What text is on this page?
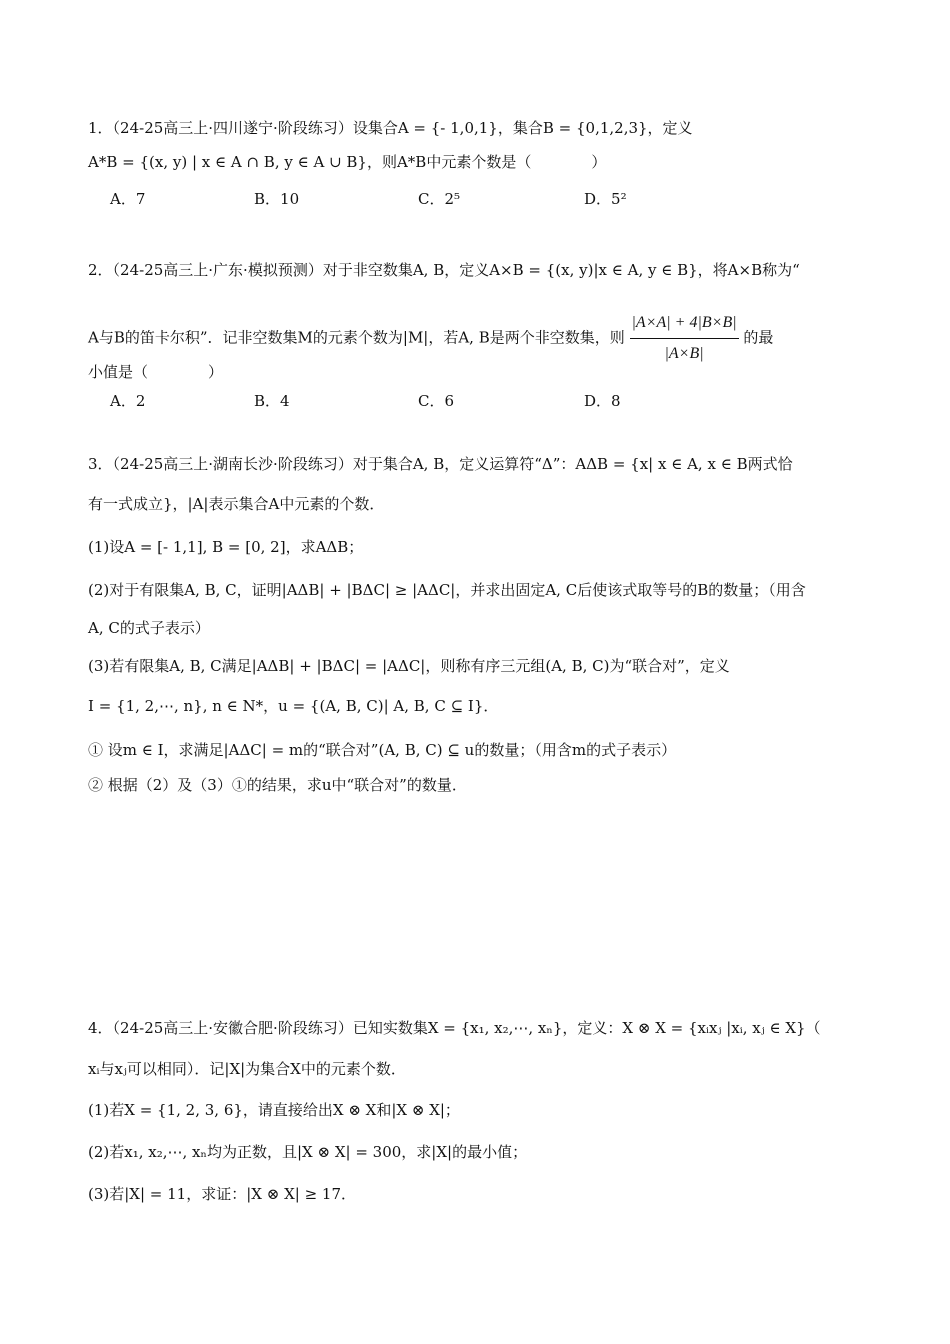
1．（24-25高三上·四川遂宁·阶段练习）设集合A = {- 1,0,1}，集合B = {0,1,2,3}，定义
A*B = {(x, y) | x ∈ A ∩ B, y ∈ A ∪ B}，则A*B中元素个数是（　　　　）
A．7	B．10	C．2⁵	D．5²
2．（24-25高三上·广东·模拟预测）对于非空数集A, B，定义A×B = {(x, y)|x ∈ A, y ∈ B}，将A×B称为“
A与B的笛卡尔积”．记非空数集M的元素个数为|M|，若A, B是两个非空数集，则 $\frac{|A\times A| + 4|B\times B|}{|A\times B|}$ 的最
小值是（　　　　）
A．2	B．4	C．6	D．8
3．（24-25高三上·湖南长沙·阶段练习）对于集合A, B，定义运算符“Δ”：AΔB = {x| x ∈ A, x ∈ B两式恰
有一式成立}，|A|表示集合A中元素的个数．
(1)设A = [- 1,1], B = [0, 2]，求AΔB；
(2)对于有限集A, B, C，证明|AΔB| + |BΔC| ≥ |AΔC|，并求出固定A, C后使该式取等号的B的数量；（用含
A, C的式子表示）
(3)若有限集A, B, C满足|AΔB| + |BΔC| = |AΔC|，则称有序三元组(A, B, C)为“联合对”，定义
I = {1, 2,⋯, n}, n ∈ N*，u = {(A, B, C)| A, B, C ⊆ I}．
① 设m ∈ I，求满足|AΔC| = m的“联合对”(A, B, C) ⊆ u的数量；（用含m的式子表示）
② 根据（2）及（3）①的结果，求u中“联合对”的数量．
4．（24-25高三上·安徽合肥·阶段练习）已知实数集X = {x₁, x₂,⋯, xₙ}，定义：X ⊗ X = {xᵢxⱼ |xᵢ, xⱼ ∈ X}（
xᵢ与xⱼ可以相同）．记|X|为集合X中的元素个数．
(1)若X = {1, 2, 3, 6}，请直接给出X ⊗ X和|X ⊗ X|；
(2)若x₁, x₂,⋯, xₙ均为正数，且|X ⊗ X| = 300，求|X|的最小值；
(3)若|X| = 11，求证：|X ⊗ X| ≥ 17．
